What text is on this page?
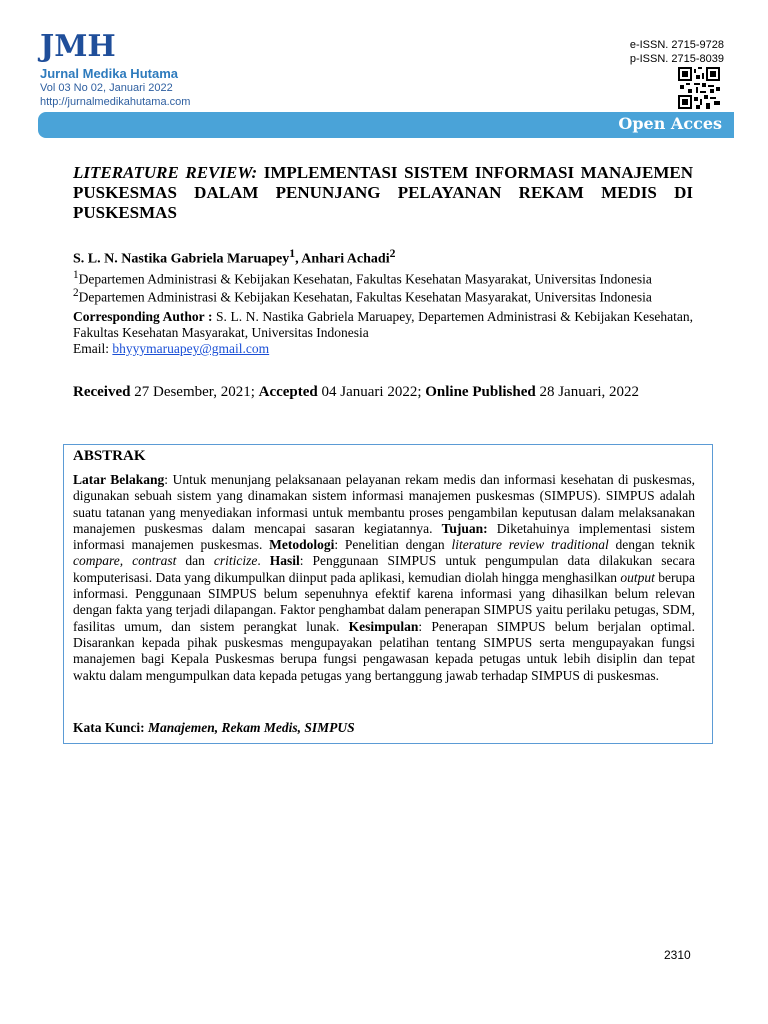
JMH
Jurnal Medika Hutama
Vol 03 No 02, Januari 2022
http://jurnalmedikahutama.com
e-ISSN. 2715-9728
p-ISSN. 2715-8039
Open Acces
LITERATURE REVIEW: IMPLEMENTASI SISTEM INFORMASI MANAJEMEN PUSKESMAS DALAM PENUNJANG PELAYANAN REKAM MEDIS DI PUSKESMAS
S. L. N. Nastika Gabriela Maruapey$^1$, Anhari Achadi$^2$
$^1$Departemen Administrasi & Kebijakan Kesehatan, Fakultas Kesehatan Masyarakat, Universitas Indonesia
$^2$Departemen Administrasi & Kebijakan Kesehatan, Fakultas Kesehatan Masyarakat, Universitas Indonesia
Corresponding Author : S. L. N. Nastika Gabriela Maruapey, Departemen Administrasi & Kebijakan Kesehatan, Fakultas Kesehatan Masyarakat, Universitas Indonesia
Email: bhyyymaruapey@gmail.com
Received 27 Desember, 2021; Accepted 04 Januari 2022; Online Published 28 Januari, 2022
ABSTRAK
Latar Belakang: Untuk menunjang pelaksanaan pelayanan rekam medis dan informasi kesehatan di puskesmas, digunakan sebuah sistem yang dinamakan sistem informasi manajemen puskesmas (SIMPUS). SIMPUS adalah suatu tatanan yang menyediakan informasi untuk membantu proses pengambilan keputusan dalam melaksanakan manajemen puskesmas dalam mencapai sasaran kegiatannya. Tujuan: Diketahuinya implementasi sistem informasi manajemen puskesmas. Metodologi: Penelitian dengan literature review traditional dengan teknik compare, contrast dan criticize. Hasil: Penggunaan SIMPUS untuk pengumpulan data dilakukan secara komputerisasi. Data yang dikumpulkan diinput pada aplikasi, kemudian diolah hingga menghasilkan output berupa informasi. Penggunaan SIMPUS belum sepenuhnya efektif karena informasi yang dihasilkan belum relevan dengan fakta yang terjadi dilapangan. Faktor penghambat dalam penerapan SIMPUS yaitu perilaku petugas, SDM, fasilitas umum, dan sistem perangkat lunak. Kesimpulan: Penerapan SIMPUS belum berjalan optimal. Disarankan kepada pihak puskesmas mengupayakan pelatihan tentang SIMPUS serta mengupayakan fungsi manajemen bagi Kepala Puskesmas berupa fungsi pengawasan kepada petugas untuk lebih disiplin dan tepat waktu dalam mengumpulkan data kepada petugas yang bertanggung jawab terhadap SIMPUS di puskesmas.
Kata Kunci: Manajemen, Rekam Medis, SIMPUS
2310
